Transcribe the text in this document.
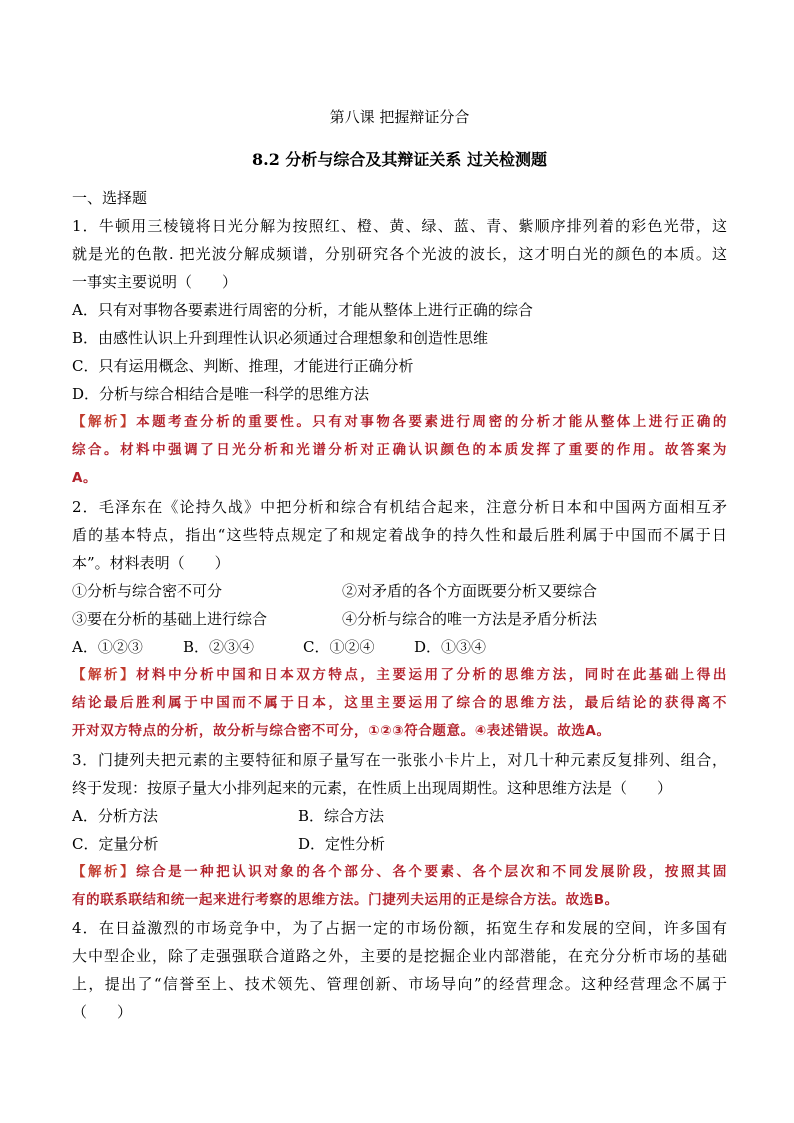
第八课 把握辩证分合
8.2 分析与综合及其辩证关系 过关检测题
一、选择题
1．牛顿用三棱镜将日光分解为按照红、橙、黄、绿、蓝、青、紫顺序排列着的彩色光带，这
就是光的色散. 把光波分解成频谱，分别研究各个光波的波长，这才明白光的颜色的本质。这
一事实主要说明（　　）
A．只有对事物各要素进行周密的分析，才能从整体上进行正确的综合
B．由感性认识上升到理性认识必须通过合理想象和创造性思维
C．只有运用概念、判断、推理，才能进行正确分析
D．分析与综合相结合是唯一科学的思维方法
【解析】本题考查分析的重要性。只有对事物各要素进行周密的分析才能从整体上进行正确的
综合。材料中强调了日光分析和光谱分析对正确认识颜色的本质发挥了重要的作用。故答案为
A。
2．毛泽东在《论持久战》中把分析和综合有机结合起来，注意分析日本和中国两方面相互矛
盾的基本特点，指出“这些特点规定了和规定着战争的持久性和最后胜利属于中国而不属于日
本”。材料表明（　　）
①分析与综合密不可分	②对矛盾的各个方面既要分析又要综合
③要在分析的基础上进行综合	④分析与综合的唯一方法是矛盾分析法
A．①②③	B．②③④	C．①②④	D．①③④
【解析】材料中分析中国和日本双方特点，主要运用了分析的思维方法，同时在此基础上得出
结论最后胜利属于中国而不属于日本，这里主要运用了综合的思维方法，最后结论的获得离不
开对双方特点的分析，故分析与综合密不可分，①②③符合题意。④表述错误。故选A。
3．门捷列夫把元素的主要特征和原子量写在一张张小卡片上，对几十种元素反复排列、组合，
终于发现：按原子量大小排列起来的元素，在性质上出现周期性。这种思维方法是（　　）
A．分析方法	B．综合方法
C．定量分析	D．定性分析
【解析】综合是一种把认识对象的各个部分、各个要素、各个层次和不同发展阶段，按照其固
有的联系联结和统一起来进行考察的思维方法。门捷列夫运用的正是综合方法。故选B。
4．在日益激烈的市场竞争中，为了占据一定的市场份额，拓宽生存和发展的空间，许多国有
大中型企业，除了走强强联合道路之外，主要的是挖掘企业内部潜能，在充分分析市场的基础
上，提出了“信誉至上、技术领先、管理创新、市场导向”的经营理念。这种经营理念不属于
（　　）
